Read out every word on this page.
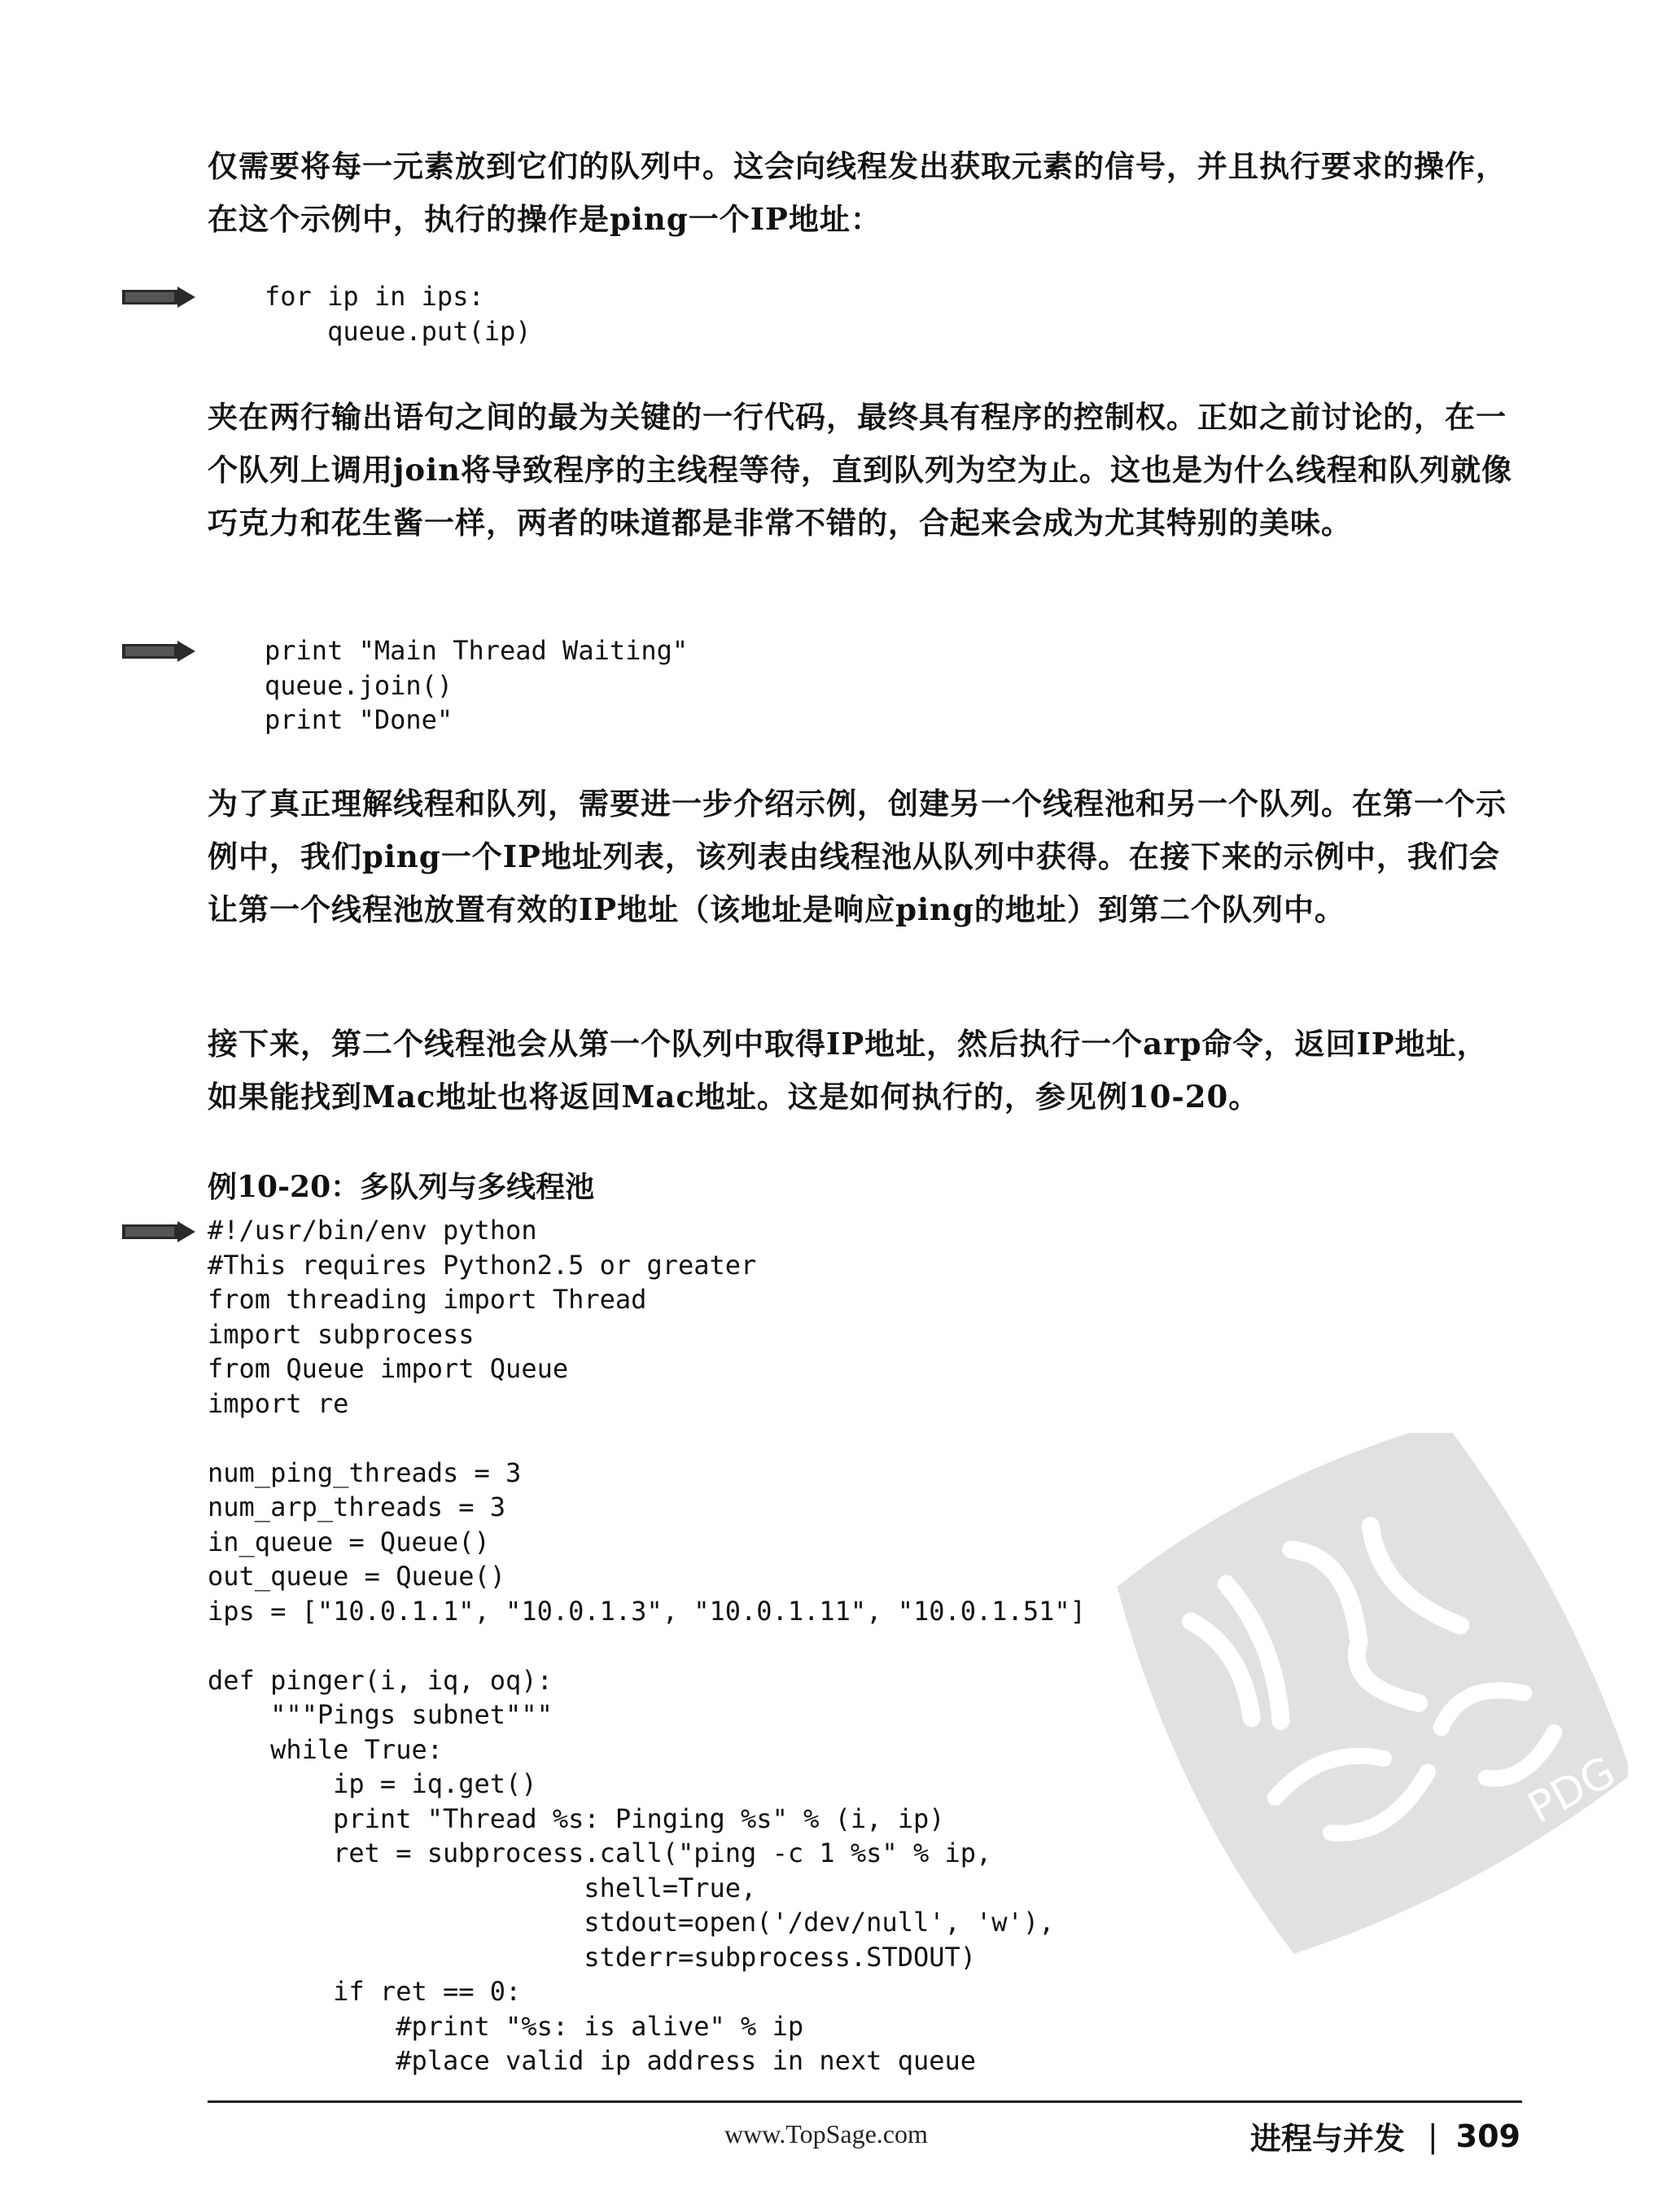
仅需要将每一元素放到它们的队列中。这会向线程发出获取元素的信号，并且执行要求的操作，在这个示例中，执行的操作是ping一个IP地址：

for ip in ips:
queue.put(ip)

夹在两行输出语句之间的最为关键的一行代码，最终具有程序的控制权。正如之前讨论的，在一个队列上调用join将导致程序的主线程等待，直到队列为空为止。这也是为什么线程和队列就像巧克力和花生酱一样，两者的味道都是非常不错的，合起来会成为尤其特别的美味。

print "Main Thread Waiting"
queue.join()
print "Done"

为了真正理解线程和队列，需要进一步介绍示例，创建另一个线程池和另一个队列。在第一个示例中，我们ping一个IP地址列表，该列表由线程池从队列中获得。在接下来的示例中，我们会让第一个线程池放置有效的IP地址（该地址是响应ping的地址）到第二个队列中。

接下来，第二个线程池会从第一个队列中取得IP地址，然后执行一个arp命令，返回IP地址，如果能找到Mac地址也将返回Mac地址。这是如何执行的，参见例10-20。

例10-20：多队列与多线程池

#!/usr/bin/env python
#This requires Python2.5 or greater
from threading import Thread
import subprocess
from Queue import Queue
import re

num_ping_threads = 3
num_arp_threads = 3
in_queue = Queue()
out_queue = Queue()
ips = ["10.0.1.1", "10.0.1.3", "10.0.1.11", "10.0.1.51"]

def pinger(i, iq, oq):
"""Pings subnet"""
while True:
ip = iq.get()
print "Thread %s: Pinging %s" % (i, ip)
ret = subprocess.call("ping -c 1 %s" % ip,
shell=True,
stdout=open('/dev/null', 'w'),
stderr=subprocess.STDOUT)
if ret == 0:
#print "%s: is alive" % ip
#place valid ip address in next queue
PDG
www.TopSage.com	进程与并发 | 309
